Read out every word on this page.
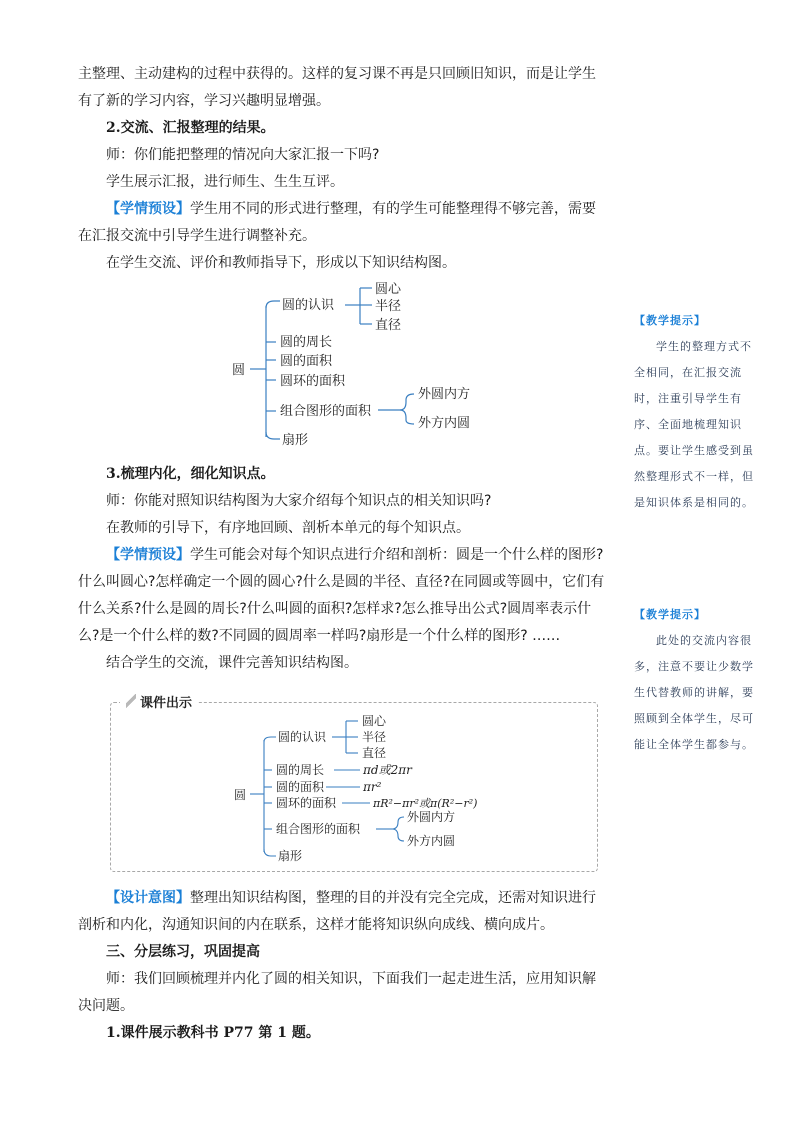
主整理、主动建构的过程中获得的。这样的复习课不再是只回顾旧知识，而是让学生有了新的学习内容，学习兴趣明显增强。

2.交流、汇报整理的结果。

师：你们能把整理的情况向大家汇报一下吗?

学生展示汇报，进行师生、生生互评。

【学情预设】学生用不同的形式进行整理，有的学生可能整理得不够完善，需要在汇报交流中引导学生进行调整补充。

在学生交流、评价和教师指导下，形成以下知识结构图。

圆
圆的认识
圆心
半径
直径
圆的周长
圆的面积
圆环的面积
组合图形的面积
外圆内方
外方内圆
扇形

3.梳理内化，细化知识点。

师：你能对照知识结构图为大家介绍每个知识点的相关知识吗?

在教师的引导下，有序地回顾、剖析本单元的每个知识点。

【学情预设】学生可能会对每个知识点进行介绍和剖析：圆是一个什么样的图形?什么叫圆心?怎样确定一个圆的圆心?什么是圆的半径、直径?在同圆或等圆中，它们有什么关系?什么是圆的周长?什么叫圆的面积?怎样求?怎么推导出公式?圆周率表示什么?是一个什么样的数?不同圆的圆周率一样吗?扇形是一个什么样的图形? ……

结合学生的交流，课件完善知识结构图。

课件出示
圆
圆的认识
圆心
半径
直径
圆的周长	πd或2πr
圆的面积	πr²
圆环的面积	πR²−πr²或π(R²−r²)
组合图形的面积
外圆内方
外方内圆
扇形

【设计意图】整理出知识结构图，整理的目的并没有完全完成，还需对知识进行剖析和内化，沟通知识间的内在联系，这样才能将知识纵向成线、横向成片。

三、分层练习，巩固提高

师：我们回顾梳理并内化了圆的相关知识，下面我们一起走进生活，应用知识解决问题。

1.课件展示教科书 P77 第 1 题。

【教学提示】
学生的整理方式不全相同，在汇报交流时，注重引导学生有序、全面地梳理知识点。要让学生感受到虽然整理形式不一样，但是知识体系是相同的。
【教学提示】
此处的交流内容很多，注意不要让少数学生代替教师的讲解，要照顾到全体学生，尽可能让全体学生都参与。
